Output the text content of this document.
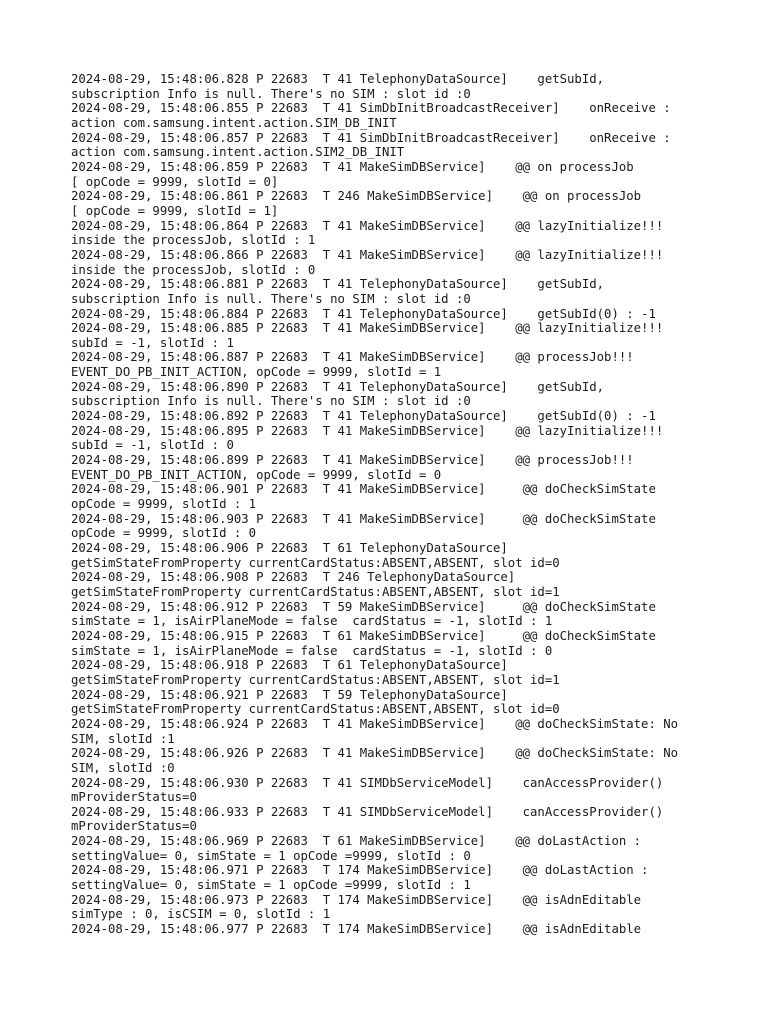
2024-08-29, 15:48:06.828 P 22683  T 41 TelephonyDataSource]    getSubId,
subscription Info is null. There's no SIM : slot id :0
2024-08-29, 15:48:06.855 P 22683  T 41 SimDbInitBroadcastReceiver]    onReceive :
action com.samsung.intent.action.SIM_DB_INIT
2024-08-29, 15:48:06.857 P 22683  T 41 SimDbInitBroadcastReceiver]    onReceive :
action com.samsung.intent.action.SIM2_DB_INIT
2024-08-29, 15:48:06.859 P 22683  T 41 MakeSimDBService]    @@ on processJob
[ opCode = 9999, slotId = 0]
2024-08-29, 15:48:06.861 P 22683  T 246 MakeSimDBService]    @@ on processJob
[ opCode = 9999, slotId = 1]
2024-08-29, 15:48:06.864 P 22683  T 41 MakeSimDBService]    @@ lazyInitialize!!!
inside the processJob, slotId : 1
2024-08-29, 15:48:06.866 P 22683  T 41 MakeSimDBService]    @@ lazyInitialize!!!
inside the processJob, slotId : 0
2024-08-29, 15:48:06.881 P 22683  T 41 TelephonyDataSource]    getSubId,
subscription Info is null. There's no SIM : slot id :0
2024-08-29, 15:48:06.884 P 22683  T 41 TelephonyDataSource]    getSubId(0) : -1
2024-08-29, 15:48:06.885 P 22683  T 41 MakeSimDBService]    @@ lazyInitialize!!!
subId = -1, slotId : 1
2024-08-29, 15:48:06.887 P 22683  T 41 MakeSimDBService]    @@ processJob!!!
EVENT_DO_PB_INIT_ACTION, opCode = 9999, slotId = 1
2024-08-29, 15:48:06.890 P 22683  T 41 TelephonyDataSource]    getSubId,
subscription Info is null. There's no SIM : slot id :0
2024-08-29, 15:48:06.892 P 22683  T 41 TelephonyDataSource]    getSubId(0) : -1
2024-08-29, 15:48:06.895 P 22683  T 41 MakeSimDBService]    @@ lazyInitialize!!!
subId = -1, slotId : 0
2024-08-29, 15:48:06.899 P 22683  T 41 MakeSimDBService]    @@ processJob!!!
EVENT_DO_PB_INIT_ACTION, opCode = 9999, slotId = 0
2024-08-29, 15:48:06.901 P 22683  T 41 MakeSimDBService]     @@ doCheckSimState
opCode = 9999, slotId : 1
2024-08-29, 15:48:06.903 P 22683  T 41 MakeSimDBService]     @@ doCheckSimState
opCode = 9999, slotId : 0
2024-08-29, 15:48:06.906 P 22683  T 61 TelephonyDataSource]
getSimStateFromProperty currentCardStatus:ABSENT,ABSENT, slot id=0
2024-08-29, 15:48:06.908 P 22683  T 246 TelephonyDataSource]
getSimStateFromProperty currentCardStatus:ABSENT,ABSENT, slot id=1
2024-08-29, 15:48:06.912 P 22683  T 59 MakeSimDBService]     @@ doCheckSimState
simState = 1, isAirPlaneMode = false  cardStatus = -1, slotId : 1
2024-08-29, 15:48:06.915 P 22683  T 61 MakeSimDBService]     @@ doCheckSimState
simState = 1, isAirPlaneMode = false  cardStatus = -1, slotId : 0
2024-08-29, 15:48:06.918 P 22683  T 61 TelephonyDataSource]
getSimStateFromProperty currentCardStatus:ABSENT,ABSENT, slot id=1
2024-08-29, 15:48:06.921 P 22683  T 59 TelephonyDataSource]
getSimStateFromProperty currentCardStatus:ABSENT,ABSENT, slot id=0
2024-08-29, 15:48:06.924 P 22683  T 41 MakeSimDBService]    @@ doCheckSimState: No
SIM, slotId :1
2024-08-29, 15:48:06.926 P 22683  T 41 MakeSimDBService]    @@ doCheckSimState: No
SIM, slotId :0
2024-08-29, 15:48:06.930 P 22683  T 41 SIMDbServiceModel]    canAccessProvider()
mProviderStatus=0
2024-08-29, 15:48:06.933 P 22683  T 41 SIMDbServiceModel]    canAccessProvider()
mProviderStatus=0
2024-08-29, 15:48:06.969 P 22683  T 61 MakeSimDBService]    @@ doLastAction :
settingValue= 0, simState = 1 opCode =9999, slotId : 0
2024-08-29, 15:48:06.971 P 22683  T 174 MakeSimDBService]    @@ doLastAction :
settingValue= 0, simState = 1 opCode =9999, slotId : 1
2024-08-29, 15:48:06.973 P 22683  T 174 MakeSimDBService]    @@ isAdnEditable
simType : 0, isCSIM = 0, slotId : 1
2024-08-29, 15:48:06.977 P 22683  T 174 MakeSimDBService]    @@ isAdnEditable
